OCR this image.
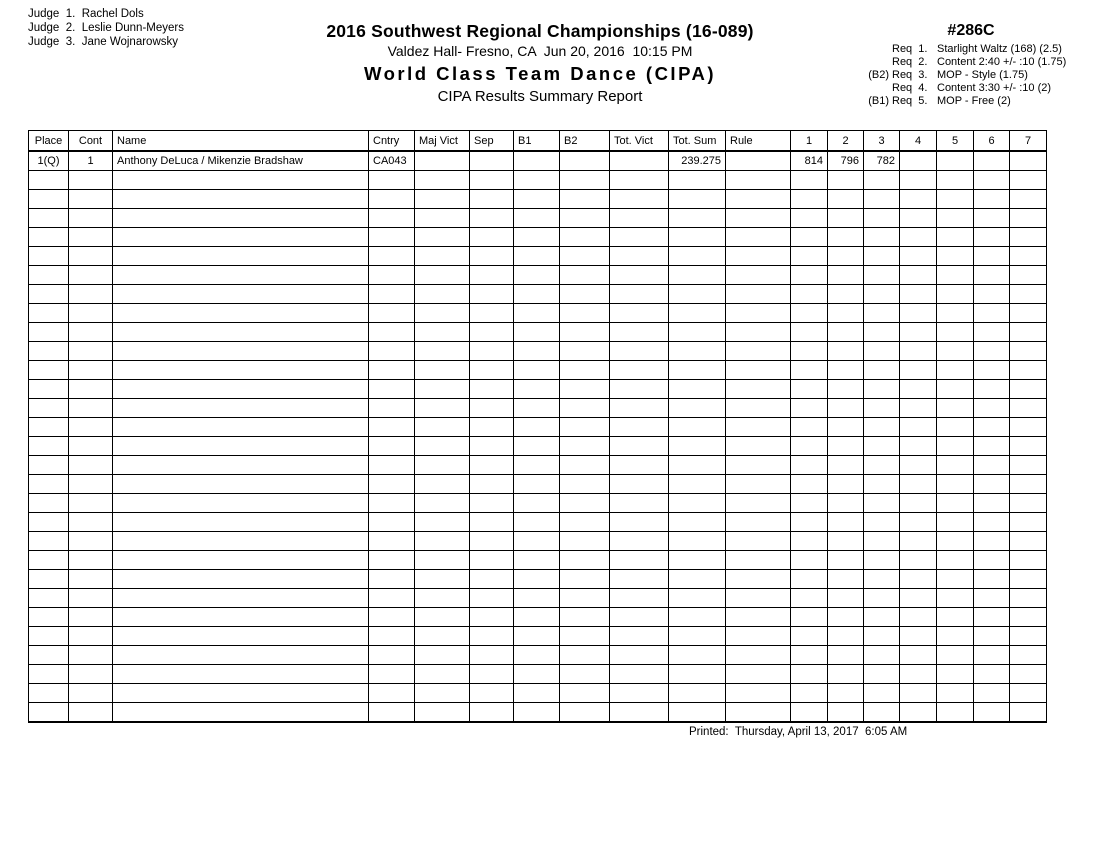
Judge  1.  Rachel Dols
Judge  2.  Leslie Dunn-Meyers
Judge  3.  Jane Wojnarowsky
2016 Southwest Regional Championships (16-089)
Valdez Hall- Fresno, CA  Jun 20, 2016  10:15 PM
World Class Team Dance (CIPA)
CIPA Results Summary Report
#286C
Req  1. Starlight Waltz (168) (2.5)
Req  2. Content 2:40 +/- :10 (1.75)
(B2) Req  3. MOP - Style (1.75)
Req  4. Content 3:30 +/- :10 (2)
(B1) Req  5. MOP - Free (2)
Place	Cont	Name	Cntry	Maj Vict	Sep	B1	B2	Tot. Vict	Tot. Sum	Rule	1	2	3	4	5	6	7
1(Q)	1	Anthony DeLuca / Mikenzie Bradshaw	CA043						239.275		814	796	782				

Printed:  Thursday, April 13, 2017  6:05 AM
